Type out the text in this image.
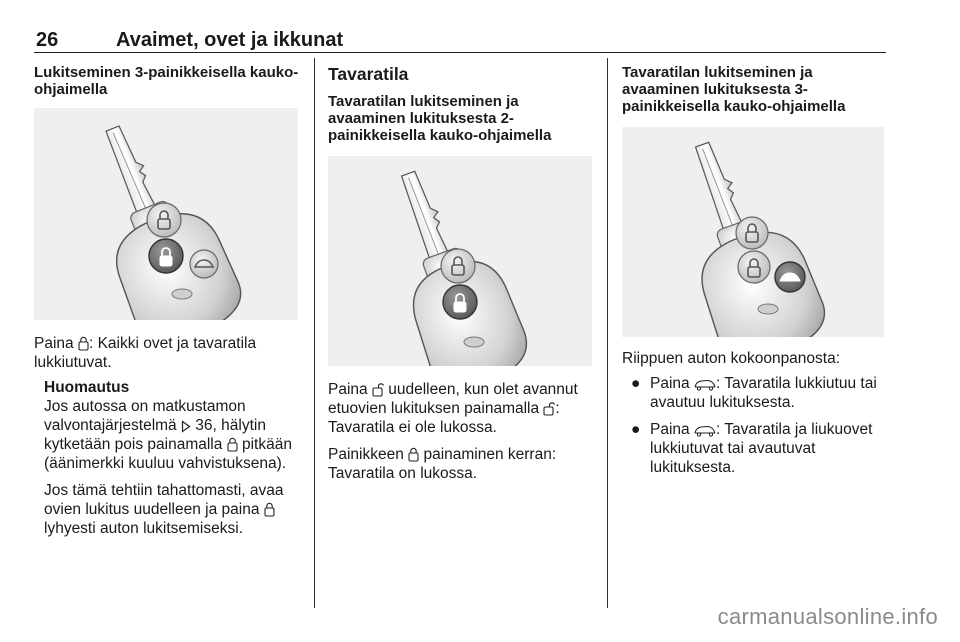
26	Avaimet, ovet ja ikkunat
Lukitseminen 3-painikkeisella kauko-ohjaimella

Paina : Kaikki ovet ja tavaratila lukkiutuvat.

Huomautus

Jos autossa on matkustamon valvontajärjestelmä  36, hälytin kytketään pois painamalla  pitkään (äänimerkki kuuluu vahvistuksena).

Jos tämä tehtiin tahattomasti, avaa ovien lukitus uudelleen ja paina  lyhyesti auton lukitsemiseksi.

Tavaratila
Tavaratilan lukitseminen ja avaaminen lukituksesta 2-painikkeisella kauko-ohjaimella

Paina  uudelleen, kun olet avannut etuovien lukituksen painamalla : Tavaratila ei ole lukossa.

Painikkeen  painaminen kerran: Tavaratila on lukossa.

Tavaratilan lukitseminen ja avaaminen lukituksesta 3-painikkeisella kauko-ohjaimella

Riippuen auton kokoonpanosta:

● Paina : Tavaratila lukkiutuu tai avautuu lukituksesta.
● Paina : Tavaratila ja liukuovet lukkiutuvat tai avautuvat lukituksesta.
carmanualsonline.info
